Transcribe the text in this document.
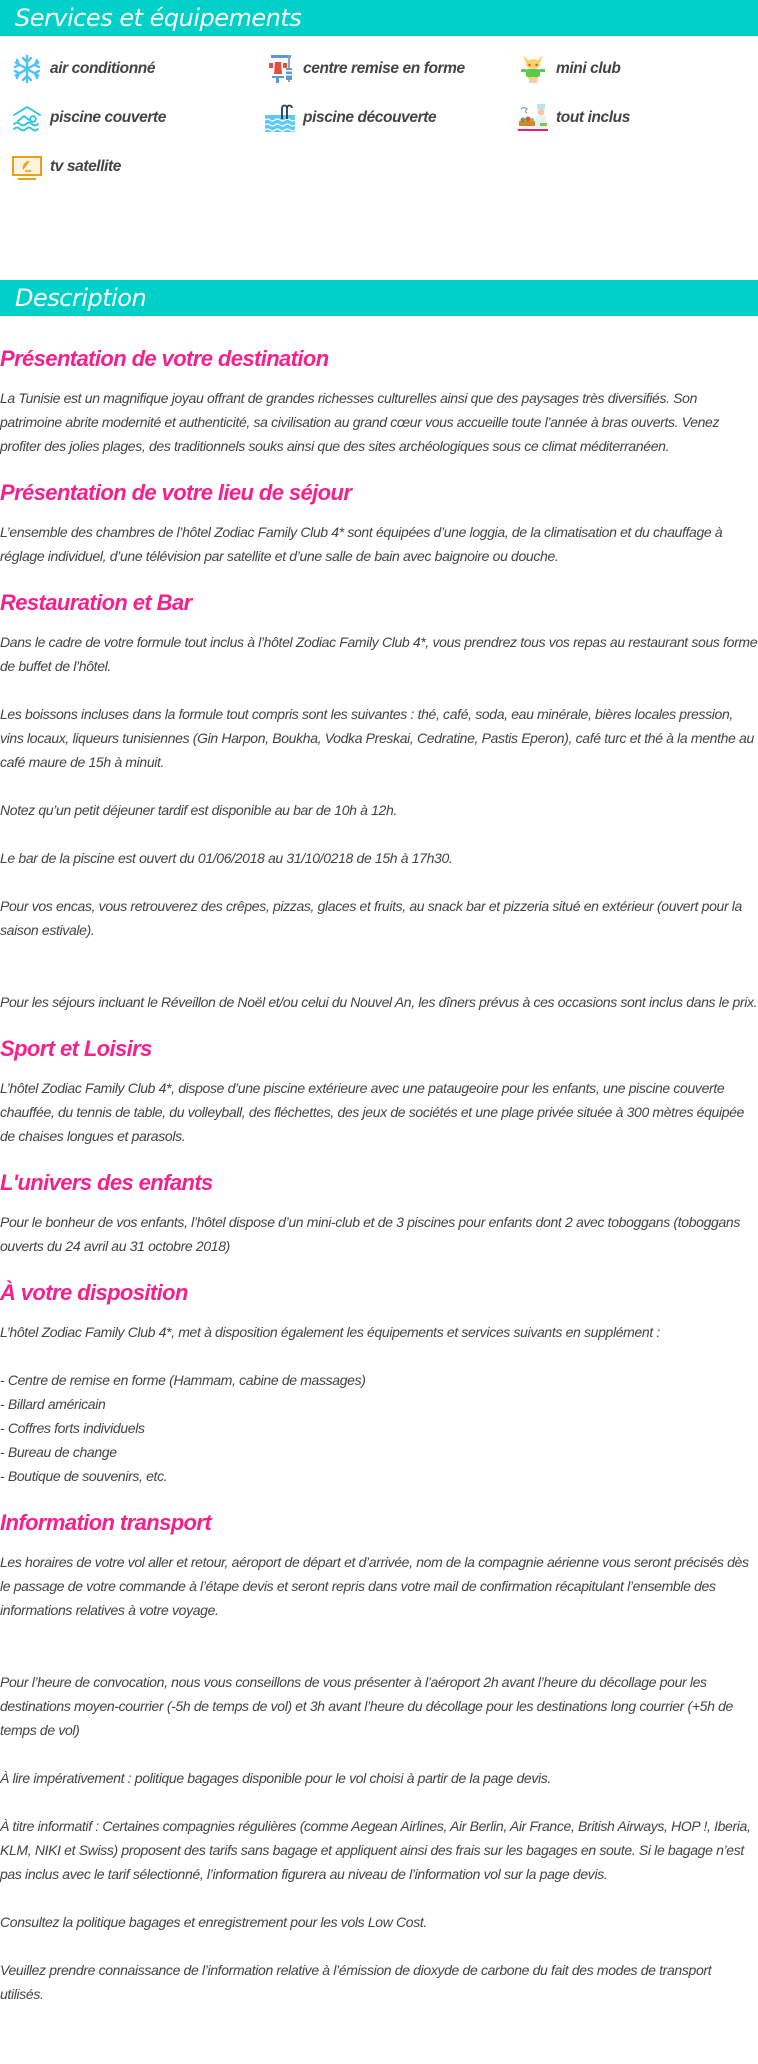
Services et équipements
air conditionné	centre remise en forme	mini club
piscine couverte	piscine découverte	tout inclus
tv satellite
Description
Présentation de votre destination

La Tunisie est un magnifique joyau offrant de grandes richesses culturelles ainsi que des paysages très diversifiés. Son patrimoine abrite modernité et authenticité, sa civilisation au grand cœur vous accueille toute l’année à bras ouverts. Venez profiter des jolies plages, des traditionnels souks ainsi que des sites archéologiques sous ce climat méditerranéen.

Présentation de votre lieu de séjour

L’ensemble des chambres de l’hôtel Zodiac Family Club 4* sont équipées d’une loggia, de la climatisation et du chauffage à réglage individuel, d’une télévision par satellite et d’une salle de bain avec baignoire ou douche.

Restauration et Bar

Dans le cadre de votre formule tout inclus à l’hôtel Zodiac Family Club 4*, vous prendrez tous vos repas au restaurant sous forme de buffet de l’hôtel.

Les boissons incluses dans la formule tout compris sont les suivantes : thé, café, soda, eau minérale, bières locales pression, vins locaux, liqueurs tunisiennes (Gin Harpon, Boukha, Vodka Preskai, Cedratine, Pastis Eperon), café turc et thé à la menthe au café maure de 15h à minuit.

Notez qu’un petit déjeuner tardif est disponible au bar de 10h à 12h.

Le bar de la piscine est ouvert du 01/06/2018 au 31/10/0218 de 15h à 17h30.

Pour vos encas, vous retrouverez des crêpes, pizzas, glaces et fruits, au snack bar et pizzeria situé en extérieur (ouvert pour la saison estivale).

Pour les séjours incluant le Réveillon de Noël et/ou celui du Nouvel An, les dîners prévus à ces occasions sont inclus dans le prix.

Sport et Loisirs

L’hôtel Zodiac Family Club 4*, dispose d’une piscine extérieure avec une pataugeoire pour les enfants, une piscine couverte chauffée, du tennis de table, du volleyball, des fléchettes, des jeux de sociétés et une plage privée située à 300 mètres équipée de chaises longues et parasols.

L'univers des enfants

Pour le bonheur de vos enfants, l’hôtel dispose d’un mini-club et de 3 piscines pour enfants dont 2 avec toboggans (toboggans ouverts du 24 avril au 31 octobre 2018)

À votre disposition

L’hôtel Zodiac Family Club 4*, met à disposition également les équipements et services suivants en supplément :

- Centre de remise en forme (Hammam, cabine de massages)

- Billard américain

- Coffres forts individuels

- Bureau de change

- Boutique de souvenirs, etc.

Information transport

Les horaires de votre vol aller et retour, aéroport de départ et d’arrivée, nom de la compagnie aérienne vous seront précisés dès le passage de votre commande à l’étape devis et seront repris dans votre mail de confirmation récapitulant l’ensemble des informations relatives à votre voyage.

Pour l’heure de convocation, nous vous conseillons de vous présenter à l’aéroport 2h avant l’heure du décollage pour les destinations moyen-courrier (-5h de temps de vol) et 3h avant l’heure du décollage pour les destinations long courrier (+5h de temps de vol)

À lire impérativement : politique bagages disponible pour le vol choisi à partir de la page devis.

À titre informatif : Certaines compagnies régulières (comme Aegean Airlines, Air Berlin, Air France, British Airways, HOP !, Iberia, KLM, NIKI et Swiss) proposent des tarifs sans bagage et appliquent ainsi des frais sur les bagages en soute. Si le bagage n’est pas inclus avec le tarif sélectionné, l’information figurera au niveau de l’information vol sur la page devis.

Consultez la politique bagages et enregistrement pour les vols Low Cost.

Veuillez prendre connaissance de l’information relative à l’émission de dioxyde de carbone du fait des modes de transport utilisés.
